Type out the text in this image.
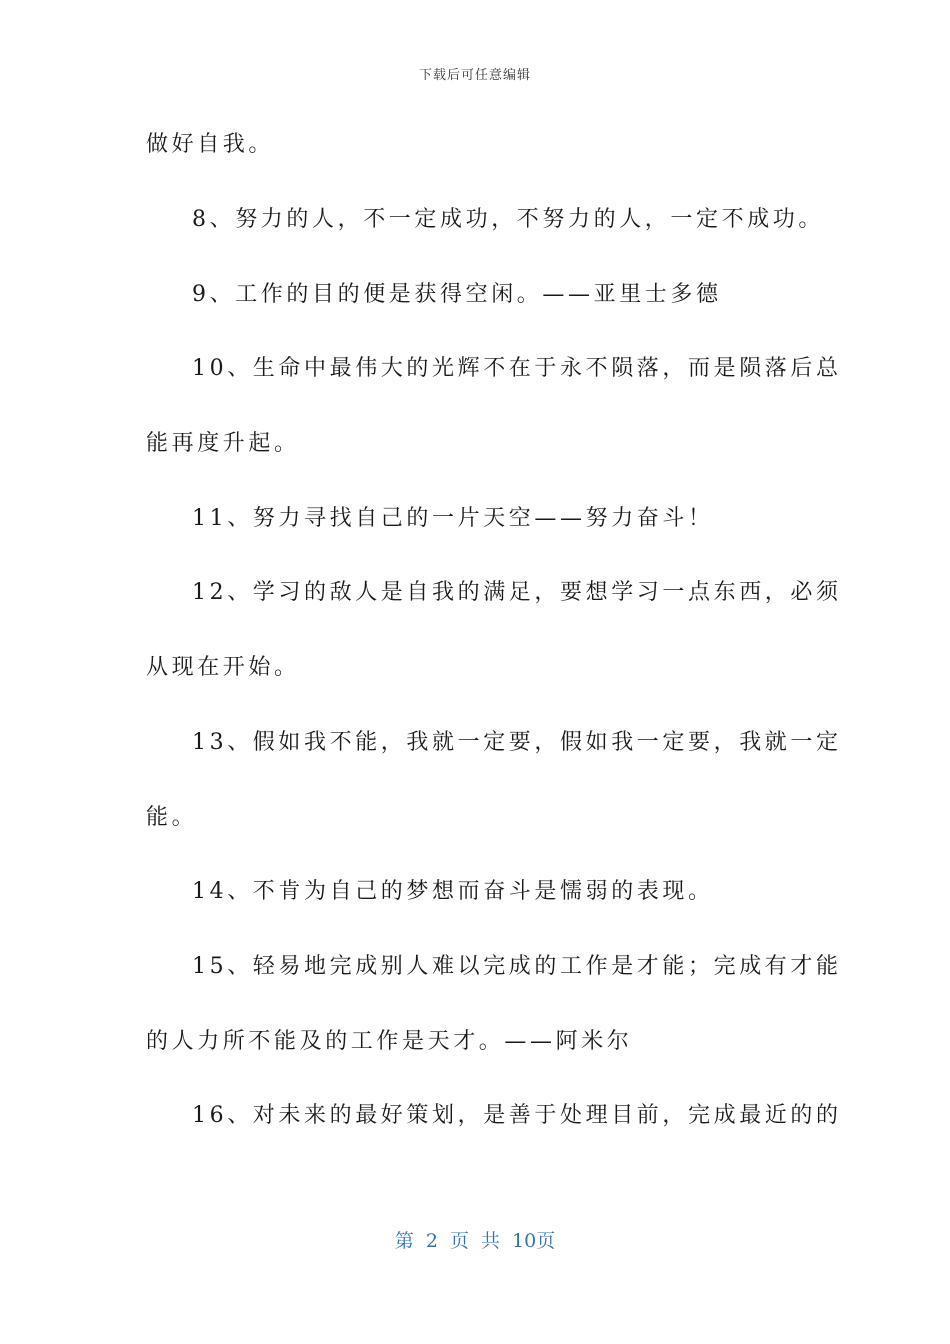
下载后可任意编辑
做好自我。
8、努力的人，不一定成功，不努力的人，一定不成功。
9、工作的目的便是获得空闲。——亚里士多德
10、生命中最伟大的光辉不在于永不陨落，而是陨落后总
能再度升起。
11、努力寻找自己的一片天空——努力奋斗！
12、学习的敌人是自我的满足，要想学习一点东西，必须
从现在开始。
13、假如我不能，我就一定要，假如我一定要，我就一定
能。
14、不肯为自己的梦想而奋斗是懦弱的表现。
15、轻易地完成别人难以完成的工作是才能；完成有才能
的人力所不能及的工作是天才。——阿米尔
16、对未来的最好策划，是善于处理目前，完成最近的的
第 2 页 共 10页
